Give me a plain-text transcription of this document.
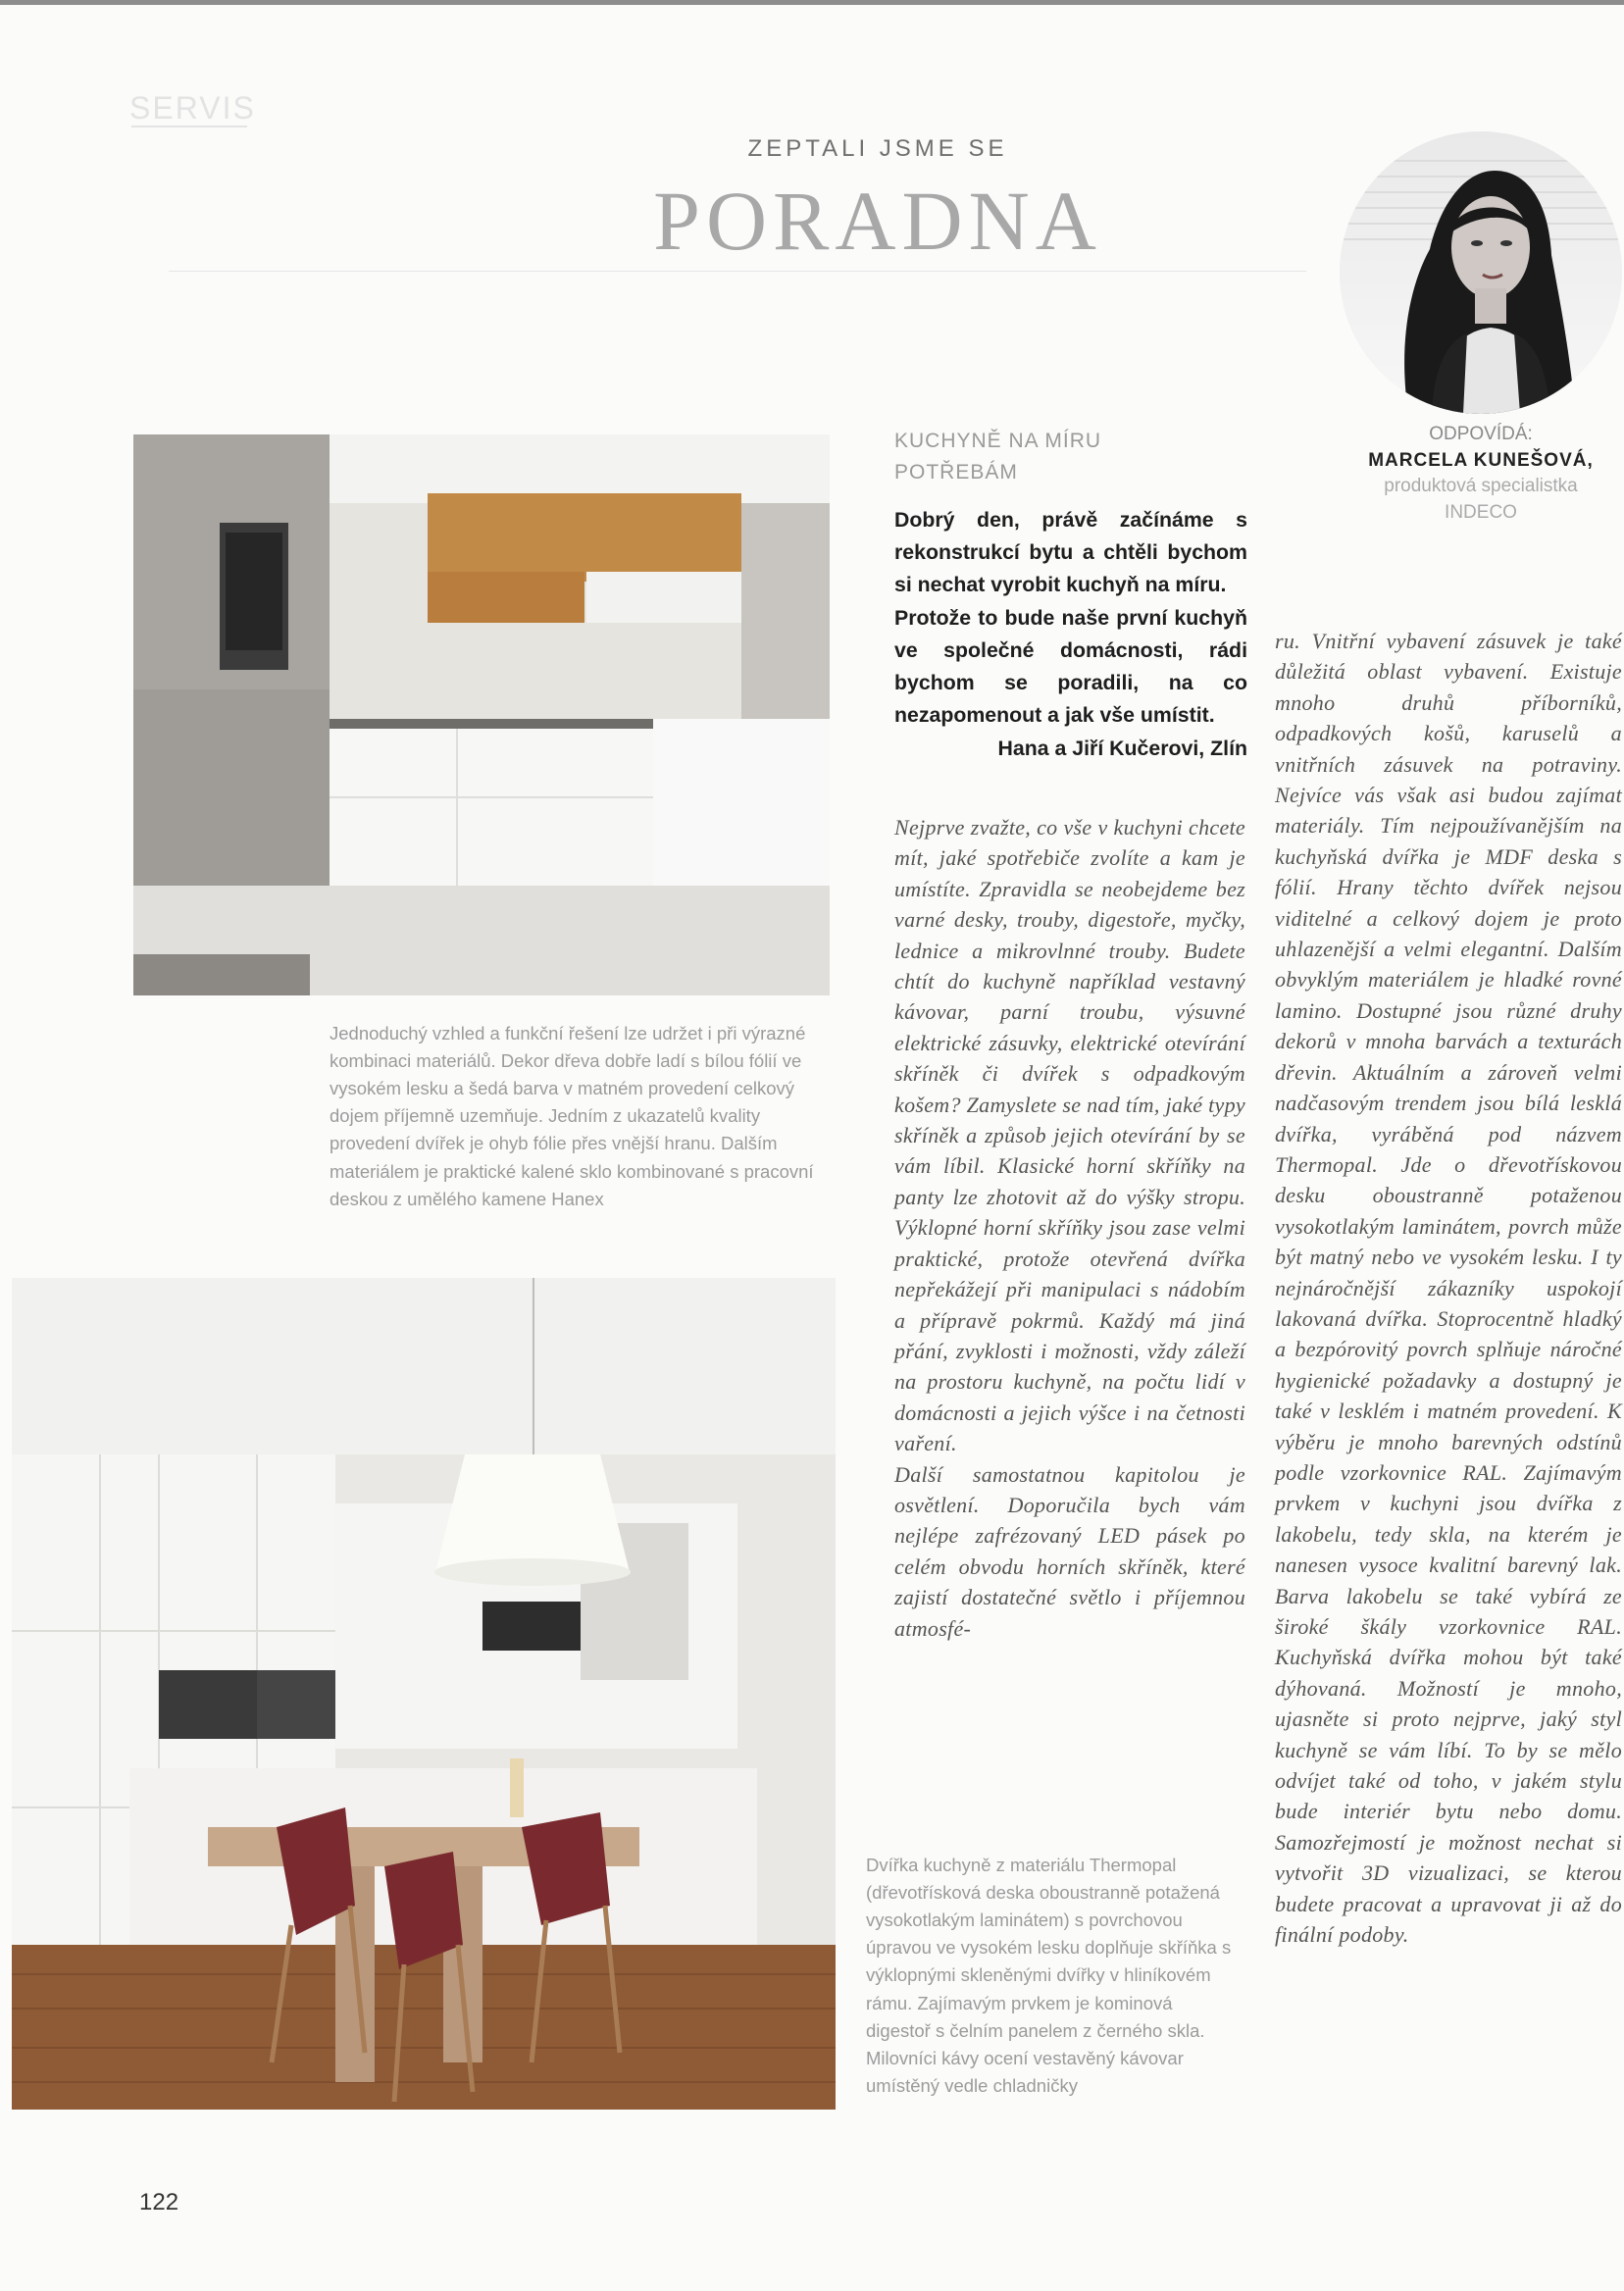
SERVIS
ZEPTALI JSME SE
PORADNA
ODPOVÍDÁ:
MARCELA KUNEŠOVÁ,
produktová specialistka
INDECO
Jednoduchý vzhled a funkční řešení lze udržet i při výrazné kombinaci materiálů. Dekor dřeva dobře ladí s bílou fólií ve vysokém lesku a šedá barva v matném provedení celkový dojem příjemně uzemňuje. Jedním z ukazatelů kvality provedení dvířek je ohyb fólie přes vnější hranu. Dalším materiálem je praktické kalené sklo kombinované s pracovní deskou z umělého kamene Hanex
KUCHYNĚ NA MÍRU
POTŘEBÁM

Dobrý den, právě začínáme s rekonstrukcí bytu a chtěli bychom si nechat vyrobit kuchyň na míru.

Protože to bude naše první kuchyň ve společné domácnosti, rádi bychom se poradili, na co nezapomenout a jak vše umístit.

Hana a Jiří Kučerovi, Zlín

Nejprve zvažte, co vše v kuchyni chcete mít, jaké spotřebiče zvolíte a kam je umístíte. Zpravidla se neobejdeme bez varné desky, trouby, digestoře, myčky, lednice a mikrovlnné trouby. Budete chtít do kuchyně například vestavný kávovar, parní troubu, výsuvné elektrické zásuvky, elektrické otevírání skříněk či dvířek s odpadkovým košem? Zamyslete se nad tím, jaké typy skříněk a způsob jejich otevírání by se vám líbil. Klasické horní skříňky na panty lze zhotovit až do výšky stropu. Výklopné horní skříňky jsou zase velmi praktické, protože otevřená dvířka nepřekážejí při manipulaci s nádobím a přípravě pokrmů. Každý má jiná přání, zvyklosti i možnosti, vždy záleží na prostoru kuchyně, na počtu lidí v domácnosti a jejich výšce i na četnosti vaření.

Další samostatnou kapitolou je osvětlení. Doporučila bych vám nejlépe zafrézovaný LED pásek po celém obvodu horních skříněk, které zajistí dostatečné světlo i příjemnou atmosfé-

ru. Vnitřní vybavení zásuvek je také důležitá oblast vybavení. Existuje mnoho druhů příborníků, odpadkových košů, karuselů a vnitřních zásuvek na potraviny. Nejvíce vás však asi budou zajímat materiály. Tím nejpoužívanějším na kuchyňská dvířka je MDF deska s fólií. Hrany těchto dvířek nejsou viditelné a celkový dojem je proto uhlazenější a velmi elegantní. Dalším obvyklým materiálem je hladké rovné lamino. Dostupné jsou různé druhy dekorů v mnoha barvách a texturách dřevin. Aktuálním a zároveň velmi nadčasovým trendem jsou bílá lesklá dvířka, vyráběná pod názvem Thermopal. Jde o dřevotřískovou desku oboustranně potaženou vysokotlakým laminátem, povrch může být matný nebo ve vysokém lesku. I ty nejnáročnější zákazníky uspokojí lakovaná dvířka. Stoprocentně hladký a bezpórovitý povrch splňuje náročné hygienické požadavky a dostupný je také v lesklém i matném provedení. K výběru je mnoho barevných odstínů podle vzorkovnice RAL. Zajímavým prvkem v kuchyni jsou dvířka z lakobelu, tedy skla, na kterém je nanesen vysoce kvalitní barevný lak. Barva lakobelu se také vybírá ze široké škály vzorkovnice RAL. Kuchyňská dvířka mohou být také dýhovaná. Možností je mnoho, ujasněte si proto nejprve, jaký styl kuchyně se vám líbí. To by se mělo odvíjet také od toho, v jakém stylu bude interiér bytu nebo domu. Samozřejmostí je možnost nechat si vytvořit 3D vizualizaci, se kterou budete pracovat a upravovat ji až do finální podoby.

Dvířka kuchyně z materiálu Thermopal (dřevotřísková deska oboustranně potažená vysokotlakým laminátem) s povrchovou úpravou ve vysokém lesku doplňuje skříňka s výklopnými skleněnými dvířky v hliníkovém rámu. Zajímavým prvkem je kominová digestoř s čelním panelem z černého skla. Milovníci kávy ocení vestavěný kávovar umístěný vedle chladničky
122
